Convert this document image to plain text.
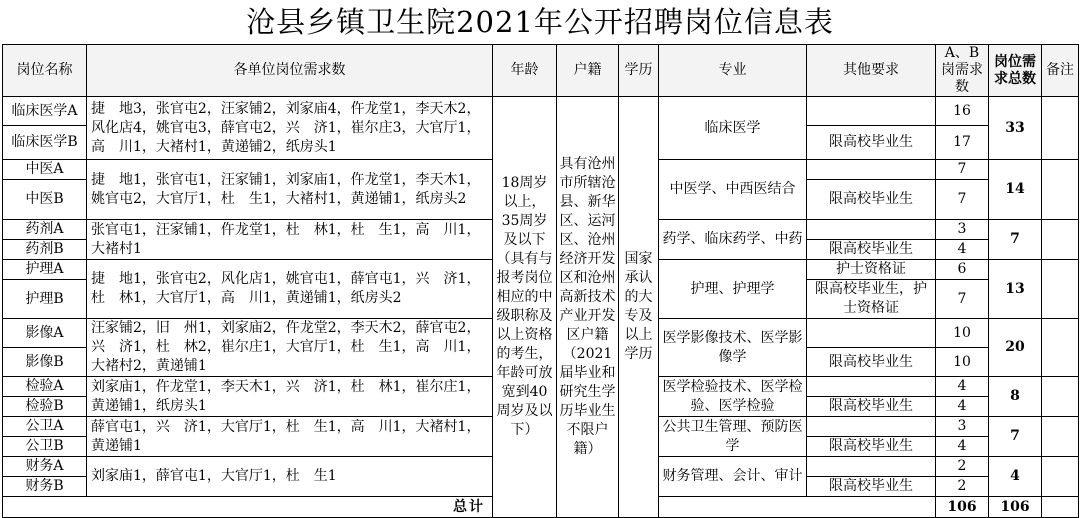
沧县乡镇卫生院2021年公开招聘岗位信息表
岗位名称	各单位岗位需求数	年龄	户籍	学历	专业	其他要求	A、B岗需求数	岗位需求总数	备注
临床医学A	捷　地3，张官屯2，汪家铺2，刘家庙4，仵龙堂1，李天木2，风化店4，姚官屯3，薛官屯2，兴　济1，崔尔庄3，大官厅1，高　川1，大褚村1，黄递铺2，纸房头1	18周岁以上，35周岁及以下（具有与报考岗位相应的中级职称及以上资格的考生，年龄可放宽到40周岁及以下）	具有沧州市所辖沧县、新华区、运河区、沧州经济开发区和沧州高新技术产业开发区户籍（2021届毕业和研究生学历毕业生不限户籍）	国家承认的大专及以上学历	临床医学		16	33	
临床医学B						限高校毕业生	17		
中医A	捷　地1，张官屯1，汪家铺1，刘家庙1，仵龙堂1，李天木1，姚官屯2，大官厅1，杜　生1，大褚村1，黄递铺1，纸房头2				中医学、中西医结合		7	14	
中医B						限高校毕业生	7		
药剂A	张官屯1，汪家铺1，仵龙堂1，杜　林1，杜　生1，高　川1，大褚村1				药学、临床药学、中药		3	7	
药剂B						限高校毕业生	4		
护理A	捷　地1，张官屯2，风化店1，姚官屯1，薛官屯1，兴　济1，杜　林1，大官厅1，高　川1，黄递铺1，纸房头2				护理、护理学	护士资格证	6	13	
护理B						限高校毕业生，护士资格证	7		
影像A	汪家铺2，旧　州1，刘家庙2，仵龙堂2，李天木2，薛官屯2，兴　济1，杜　林2，崔尔庄1，大官厅1，杜　生1，高　川1，大褚村2，黄递铺1				医学影像技术、医学影像学		10	20	
影像B						限高校毕业生	10		
检验A	刘家庙1，仵龙堂1，李天木1，兴　济1，杜　林1，崔尔庄1，黄递铺1，纸房头1				医学检验技术、医学检验、医学检验		4	8	
检验B						限高校毕业生	4		
公卫A	薛官屯1，兴　济1，大官厅1，杜　生1，高　川1，大褚村1，黄递铺1				公共卫生管理、预防医学		3	7	
公卫B						限高校毕业生	4		
财务A	刘家庙1，薛官屯1，大官厅1，杜　生1				财务管理、会计、审计		2	4	
财务B						限高校毕业生	2		
总计							106	106	
